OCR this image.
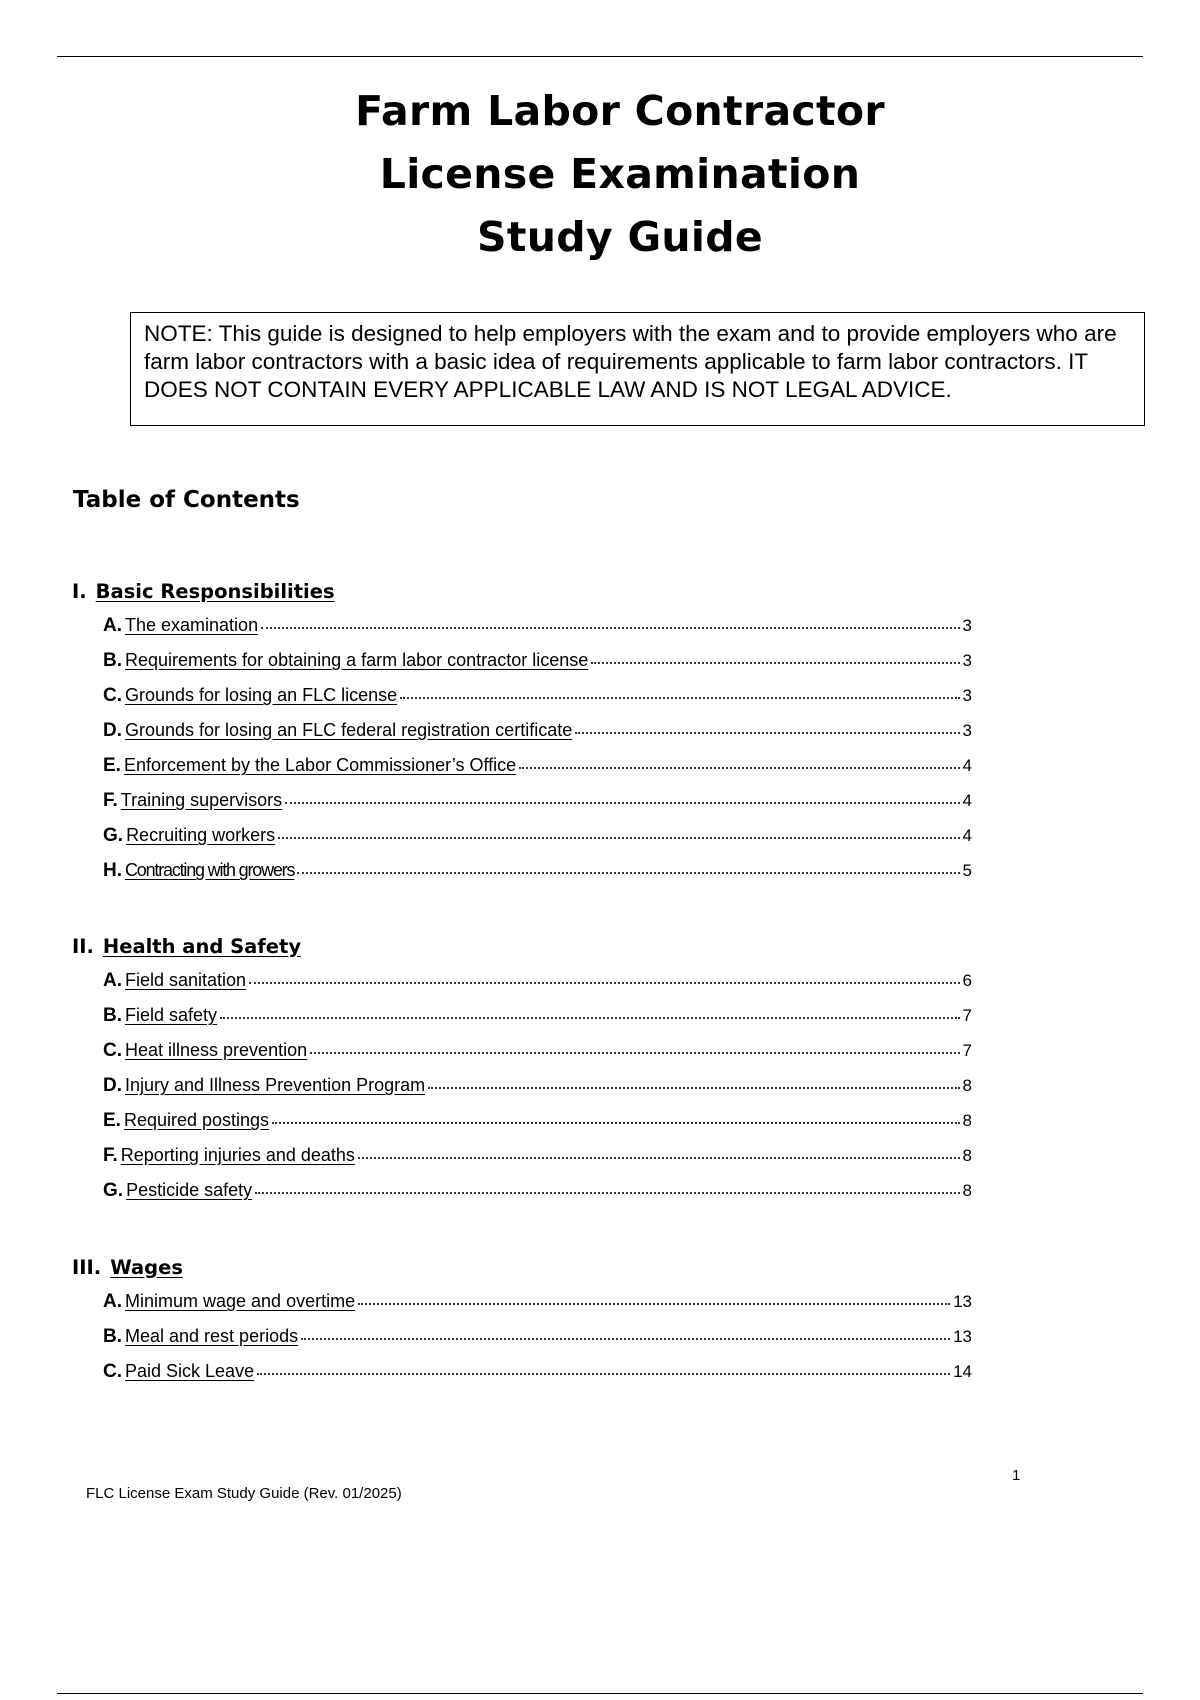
Farm Labor Contractor
License Examination
Study Guide
NOTE: This guide is designed to help employers with the exam and to provide employers who are farm labor contractors with a basic idea of requirements applicable to farm labor contractors. IT DOES NOT CONTAIN EVERY APPLICABLE LAW AND IS NOT LEGAL ADVICE.
Table of Contents
I. Basic Responsibilities
A. The examination	3
B. Requirements for obtaining a farm labor contractor license	3
C. Grounds for losing an FLC license	3
D. Grounds for losing an FLC federal registration certificate	3
E. Enforcement by the Labor Commissioner’s Office	4
F. Training supervisors	4
G. Recruiting workers	4
H. Contracting with growers	5
II. Health and Safety
A. Field sanitation	6
B. Field safety	7
C. Heat illness prevention	7
D. Injury and Illness Prevention Program	8
E. Required postings	8
F. Reporting injuries and deaths	8
G. Pesticide safety	8
III. Wages
A. Minimum wage and overtime	13
B. Meal and rest periods	13
C. Paid Sick Leave	14
1
FLC License Exam Study Guide (Rev. 01/2025)
